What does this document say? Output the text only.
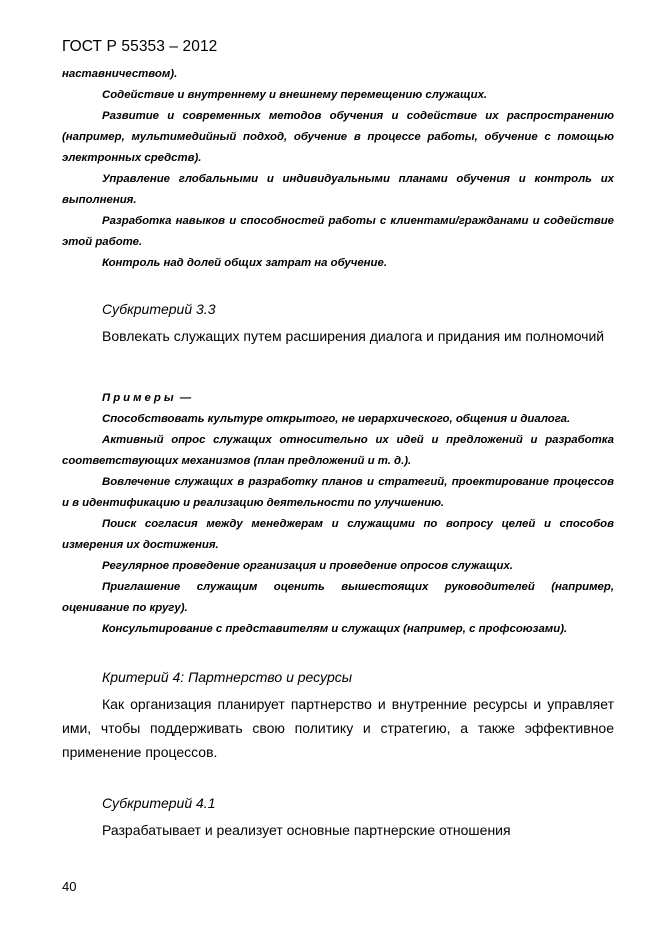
ГОСТ Р 55353 – 2012

наставничеством).

Содействие и внутреннему и внешнему перемещению служащих.

Развитие и современных методов обучения и содействие их распространению (например, мультимедийный подход, обучение в процессе работы, обучение с помощью электронных средств).

Управление глобальными и индивидуальными планами обучения и контроль их выполнения.

Разработка навыков и способностей работы с клиентами/гражданами и содействие этой работе.

Контроль над долей общих затрат на обучение.

Субкритерий 3.3

Вовлекать служащих путем расширения диалога и придания им полномочий

Примеры —

Способствовать культуре открытого, не иерархического, общения и диалога.

Активный опрос служащих относительно их идей и предложений и разработка соответствующих механизмов (план предложений и т. д.).

Вовлечение служащих в разработку планов и стратегий, проектирование процессов и в идентификацию и реализацию деятельности по улучшению.

Поиск согласия между менеджерам и служащими по вопросу целей и способов измерения их достижения.

Регулярное проведение организация и проведение опросов служащих.

Приглашение служащим оценить вышестоящих руководителей (например, оценивание по кругу).

Консультирование с представителям и служащих (например, с профсоюзами).

Критерий 4: Партнерство и ресурсы

Как организация планирует партнерство и внутренние ресурсы и управляет ими, чтобы поддерживать свою политику и стратегию, а также эффективное применение процессов.

Субкритерий 4.1

Разрабатывает и реализует основные партнерские отношения

40
